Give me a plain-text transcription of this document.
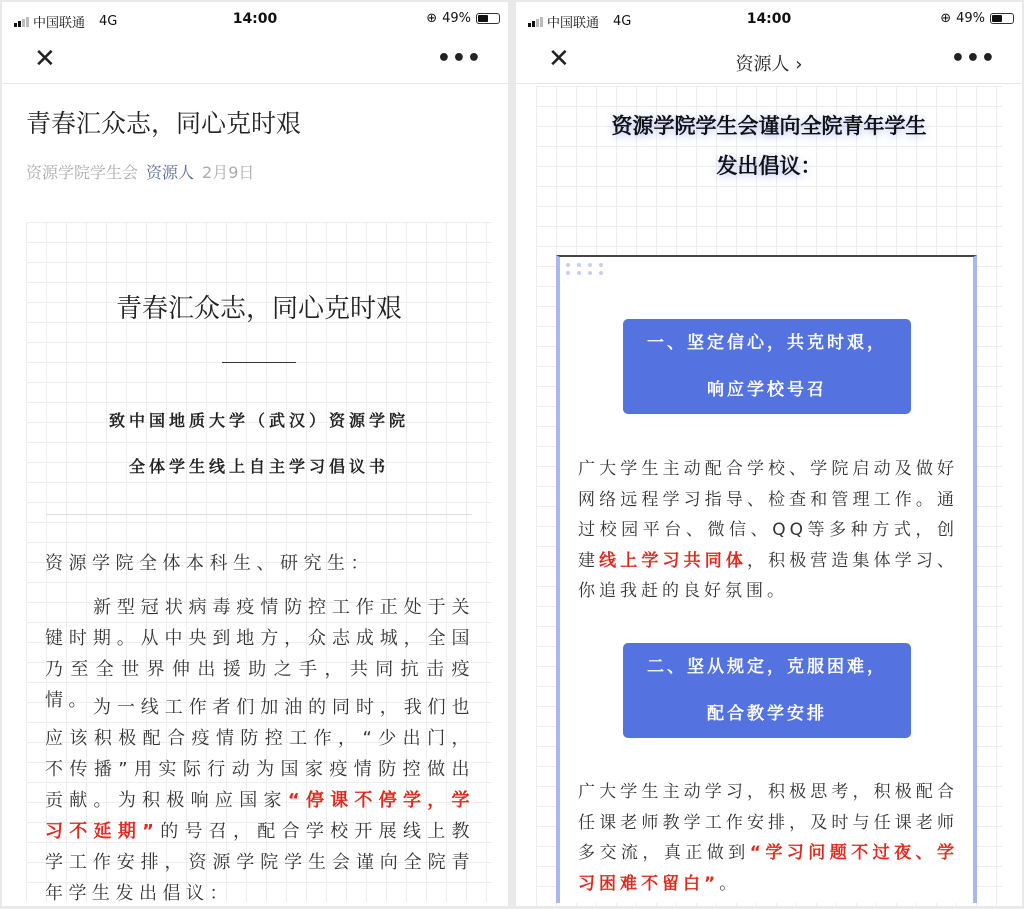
中国联通 4G	14:00	⊕ 49%
✕	•••
青春汇众志，同心克时艰
资源学院学生会 资源人 2月9日
青春汇众志，同心克时艰
致中国地质大学（武汉）资源学院
全体学生线上自主学习倡议书
资源学院全体本科生、研究生：
新型冠状病毒疫情防控工作正处于关键时期。从中央到地方，众志成城，全国乃至全世界伸出援助之手，共同抗击疫情。 为一线工作者们加油的同时，我们也应该积极配合疫情防控工作，“少出门，不传播”用实际行动为国家疫情防控做出贡献。为积极响应国家“停课不停学，学习不延期”的号召，配合学校开展线上教学工作安排，资源学院学生会谨向全院青年学生发出倡议：
中国联通 4G	14:00	⊕ 49%
✕	资源人 ›	•••
资源学院学生会谨向全院青年学生
发出倡议：
一、坚定信心，共克时艰，
响应学校号召
广大学生主动配合学校、学院启动及做好网络远程学习指导、检查和管理工作。通过校园平台、微信、QQ等多种方式，创建线上学习共同体，积极营造集体学习、你追我赶的良好氛围。
二、坚从规定，克服困难，
配合教学安排
广大学生主动学习，积极思考，积极配合任课老师教学工作安排，及时与任课老师多交流，真正做到“学习问题不过夜、学习困难不留白”。
